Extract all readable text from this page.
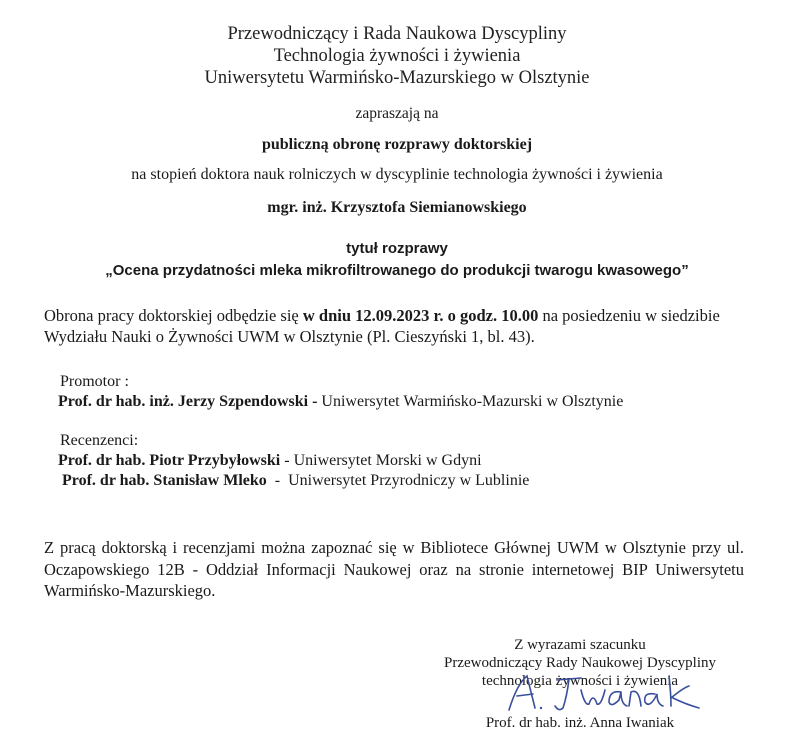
Przewodniczący i Rada Naukowa Dyscypliny
Technologia żywności i żywienia
Uniwersytetu Warmińsko-Mazurskiego w Olsztynie
zapraszają na
publiczną obronę rozprawy doktorskiej
na stopień doktora nauk rolniczych w dyscyplinie technologia żywności i żywienia
mgr. inż. Krzysztofa Siemianowskiego
tytuł rozprawy
„Ocena przydatności mleka mikrofiltrowanego do produkcji twarogu kwasowego”
Obrona pracy doktorskiej odbędzie się w dniu 12.09.2023 r. o godz. 10.00 na posiedzeniu w siedzibie Wydziału Nauki o Żywności UWM w Olsztynie (Pl. Cieszyński 1, bl. 43).
Promotor :
Prof. dr hab. inż. Jerzy Szpendowski - Uniwersytet Warmińsko-Mazurski w Olsztynie
Recenzenci:
Prof. dr hab. Piotr Przybyłowski - Uniwersytet Morski w Gdyni
Prof. dr hab. Stanisław Mleko  -  Uniwersytet Przyrodniczy w Lublinie
Z pracą doktorską i recenzjami można zapoznać się w Bibliotece Głównej UWM w Olsztynie przy ul. Oczapowskiego 12B - Oddział Informacji Naukowej oraz na stronie internetowej BIP Uniwersytetu Warmińsko-Mazurskiego.
Z wyrazami szacunku
Przewodniczący Rady Naukowej Dyscypliny
technologia żywności i żywienia
Prof. dr hab. inż. Anna Iwaniak
